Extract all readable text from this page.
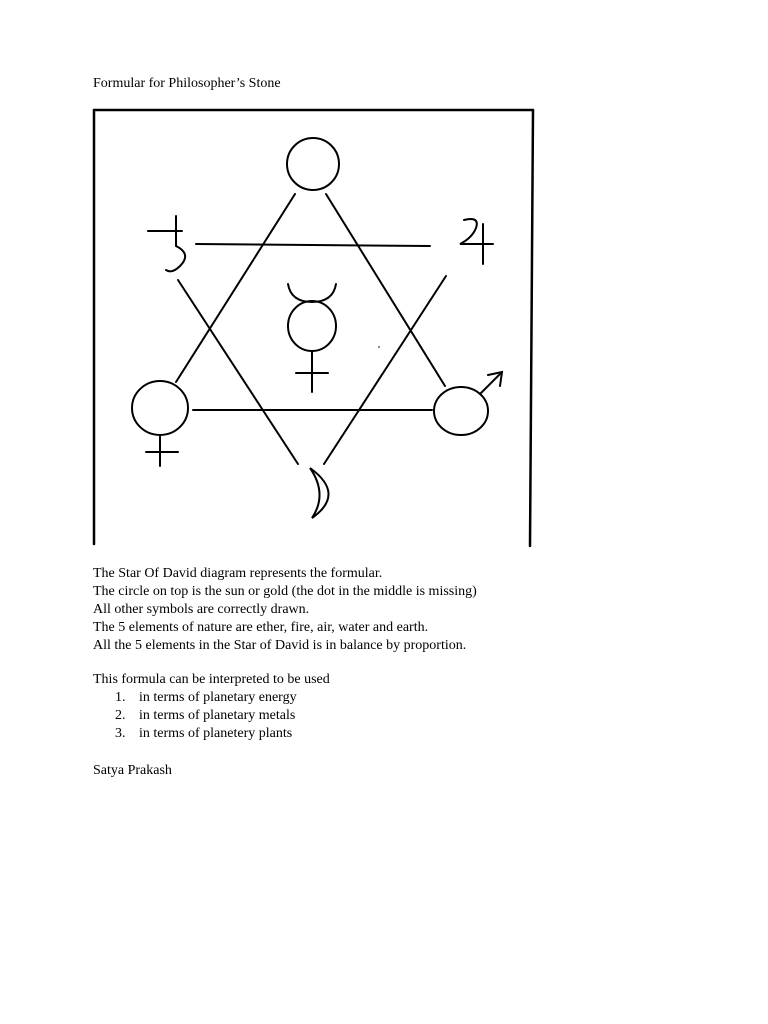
Formular for Philosopher’s Stone
The Star Of David diagram represents the formular.
The circle on top is the sun or gold (the dot in the middle is missing)
All other symbols are correctly drawn.
The 5 elements of nature are ether, fire, air, water and earth.
All the 5 elements in the Star of David is in balance by proportion.
This formula can be interpreted to be used
1. in terms of planetary energy
2. in terms of planetary metals
3. in terms of planetery plants
Satya Prakash
